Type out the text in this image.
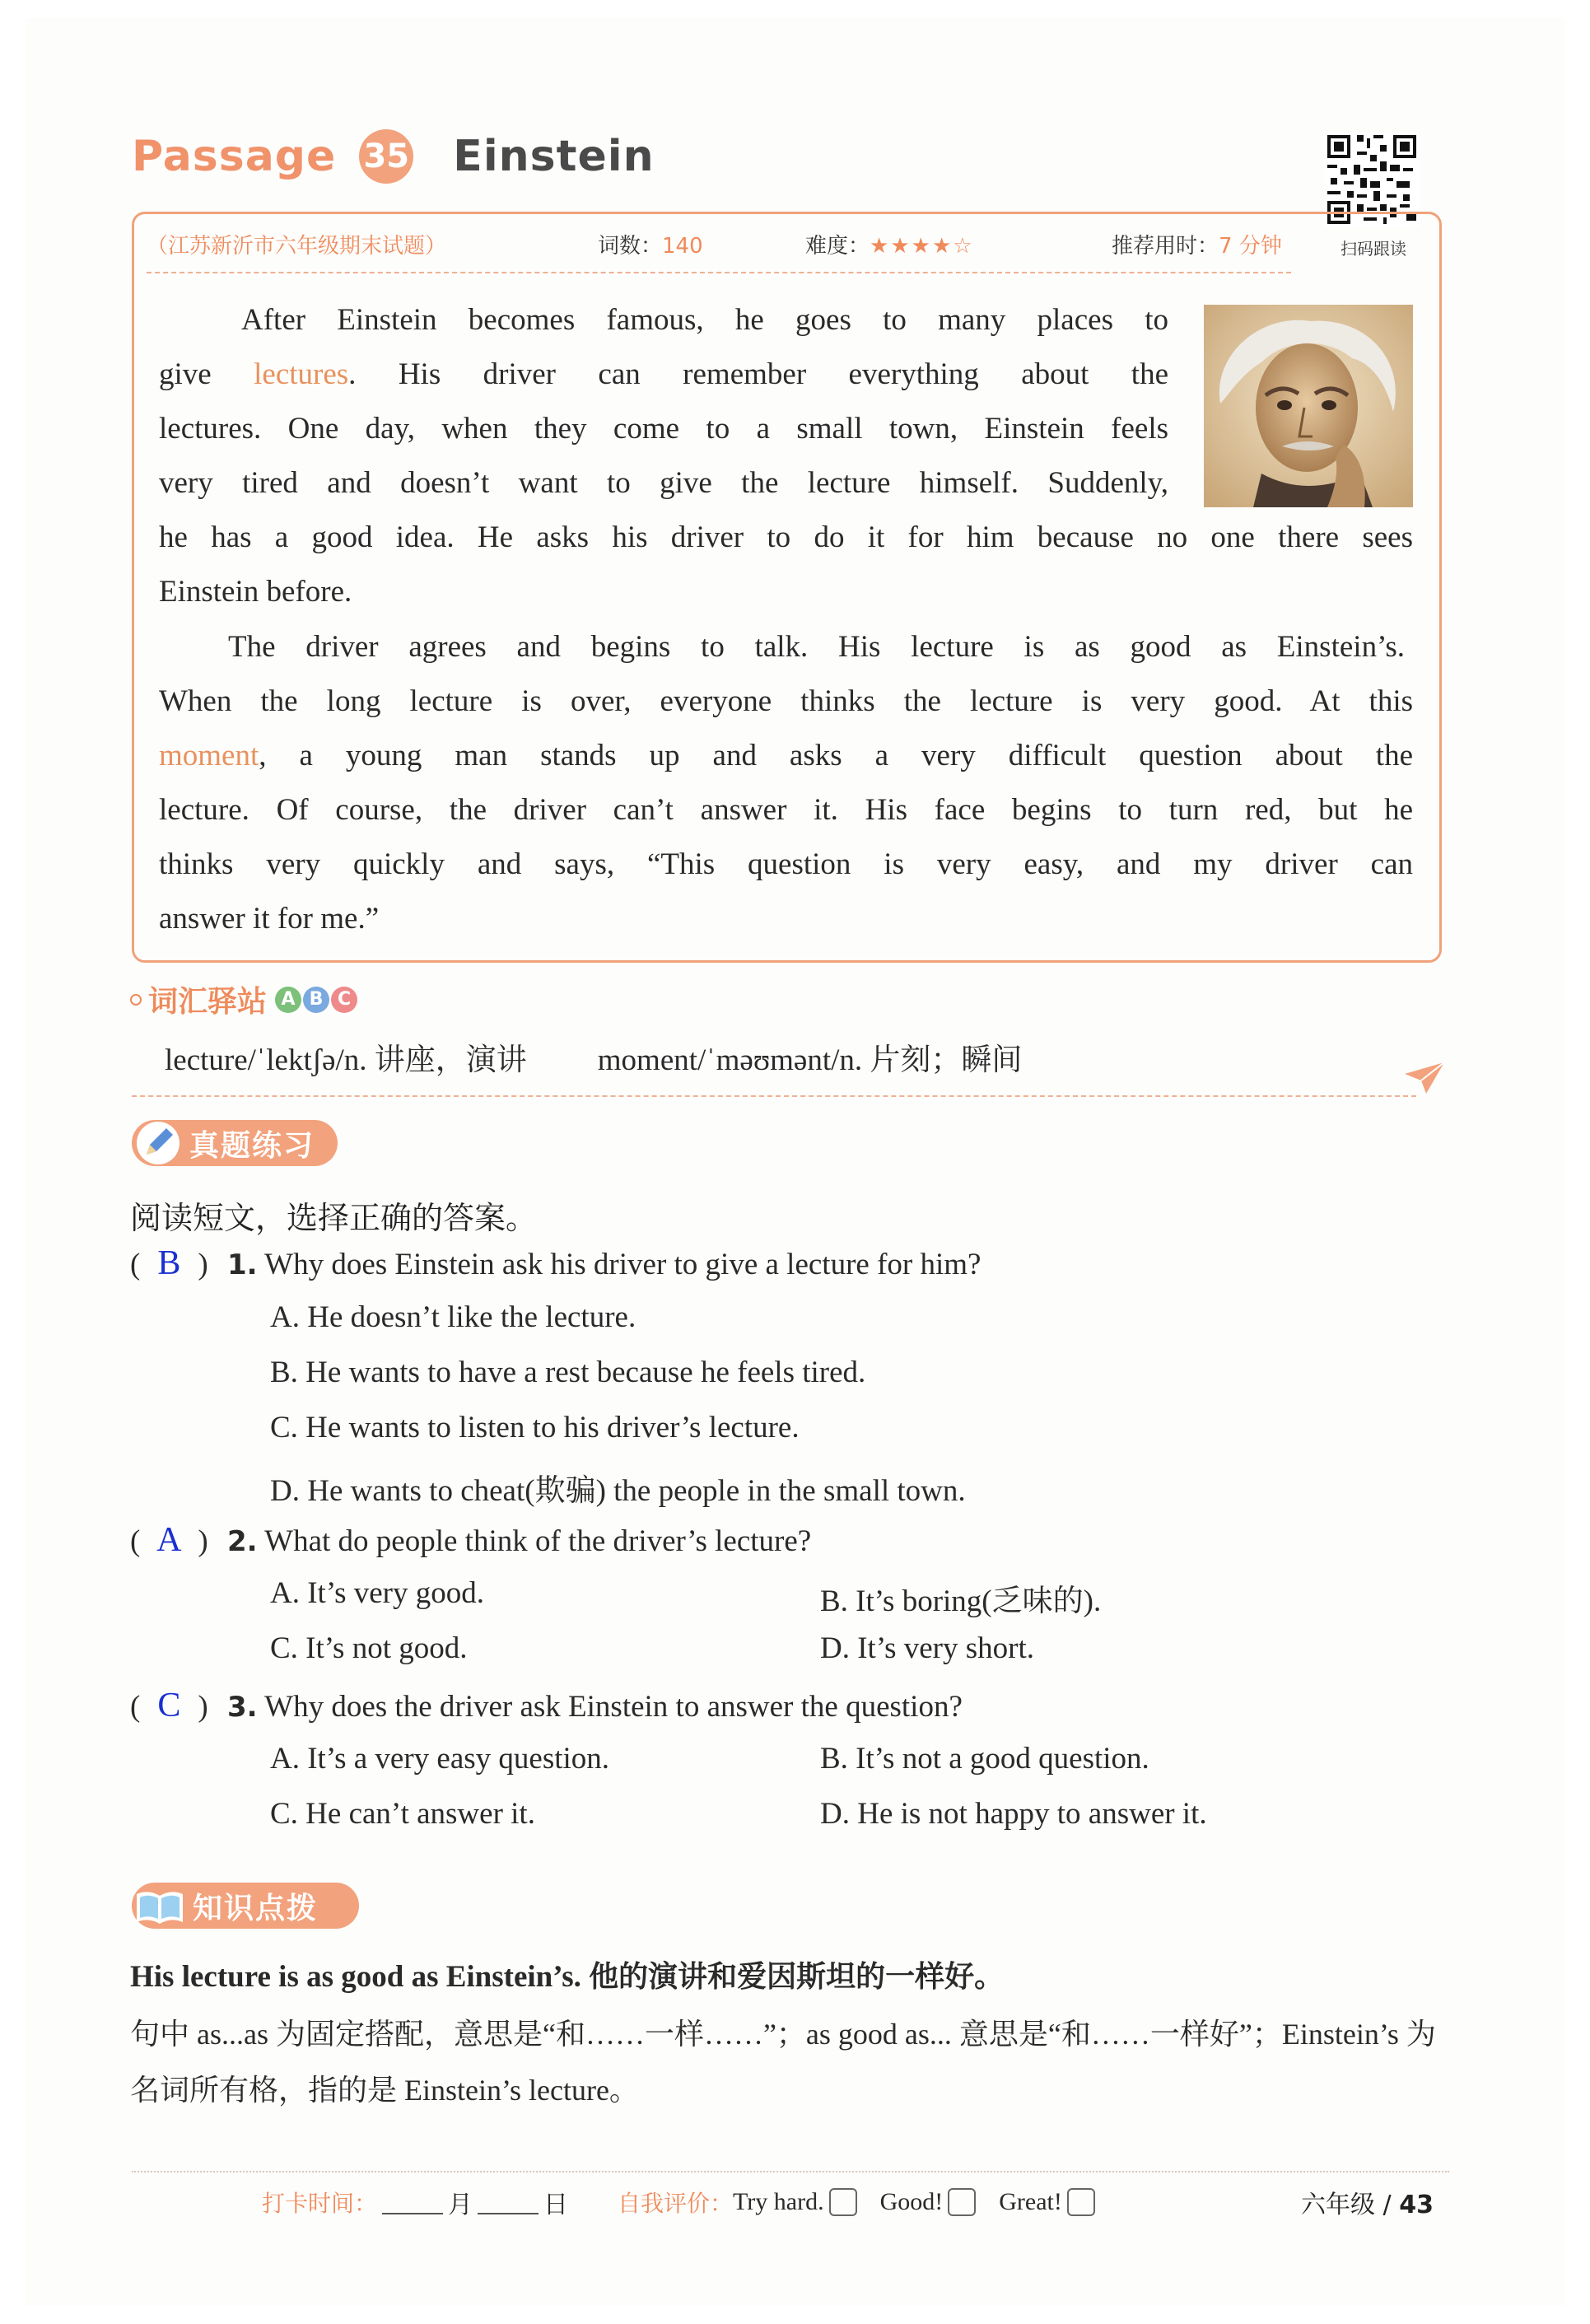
Passage 35 Einstein
扫码跟读
（江苏新沂市六年级期末试题）	词数：140	难度：★★★★☆	推荐用时：7 分钟
After Einstein becomes famous, he goes to many places to
give lectures. His driver can remember everything about the
lectures. One day, when they come to a small town, Einstein feels
very tired and doesn’t want to give the lecture himself. Suddenly,
he has a good idea. He asks his driver to do it for him because no one there sees
Einstein before.
The driver agrees and begins to talk. His lecture is as good as Einstein’s.
When the long lecture is over, everyone thinks the lecture is very good. At this
moment, a young man stands up and asks a very difficult question about the
lecture. Of course, the driver can’t answer it. His face begins to turn red, but he
thinks very quickly and says, “This question is very easy, and my driver can
answer it for me.”
词汇驿站 A B C
lecture/ˈlektʃə/n. 讲座，演讲 moment/ˈməʊmənt/n. 片刻；瞬间
真题练习
阅读短文，选择正确的答案。
( B ) 1. Why does Einstein ask his driver to give a lecture for him?
A. He doesn’t like the lecture.
B. He wants to have a rest because he feels tired.
C. He wants to listen to his driver’s lecture.
D. He wants to cheat(欺骗) the people in the small town.
( A ) 2. What do people think of the driver’s lecture?
A. It’s very good.	B. It’s boring(乏味的).
C. It’s not good.	D. It’s very short.
( C ) 3. Why does the driver ask Einstein to answer the question?
A. It’s a very easy question.	B. It’s not a good question.
C. He can’t answer it.	D. He is not happy to answer it.
知识点拨
His lecture is as good as Einstein’s. 他的演讲和爱因斯坦的一样好。
句中 as...as 为固定搭配，意思是“和……一样……”；as good as... 意思是“和……一样好”；Einstein’s 为名词所有格，指的是 Einstein’s lecture。
打卡时间：	月	日 自我评价： Try hard. Good! Great!	六年级 / 43
